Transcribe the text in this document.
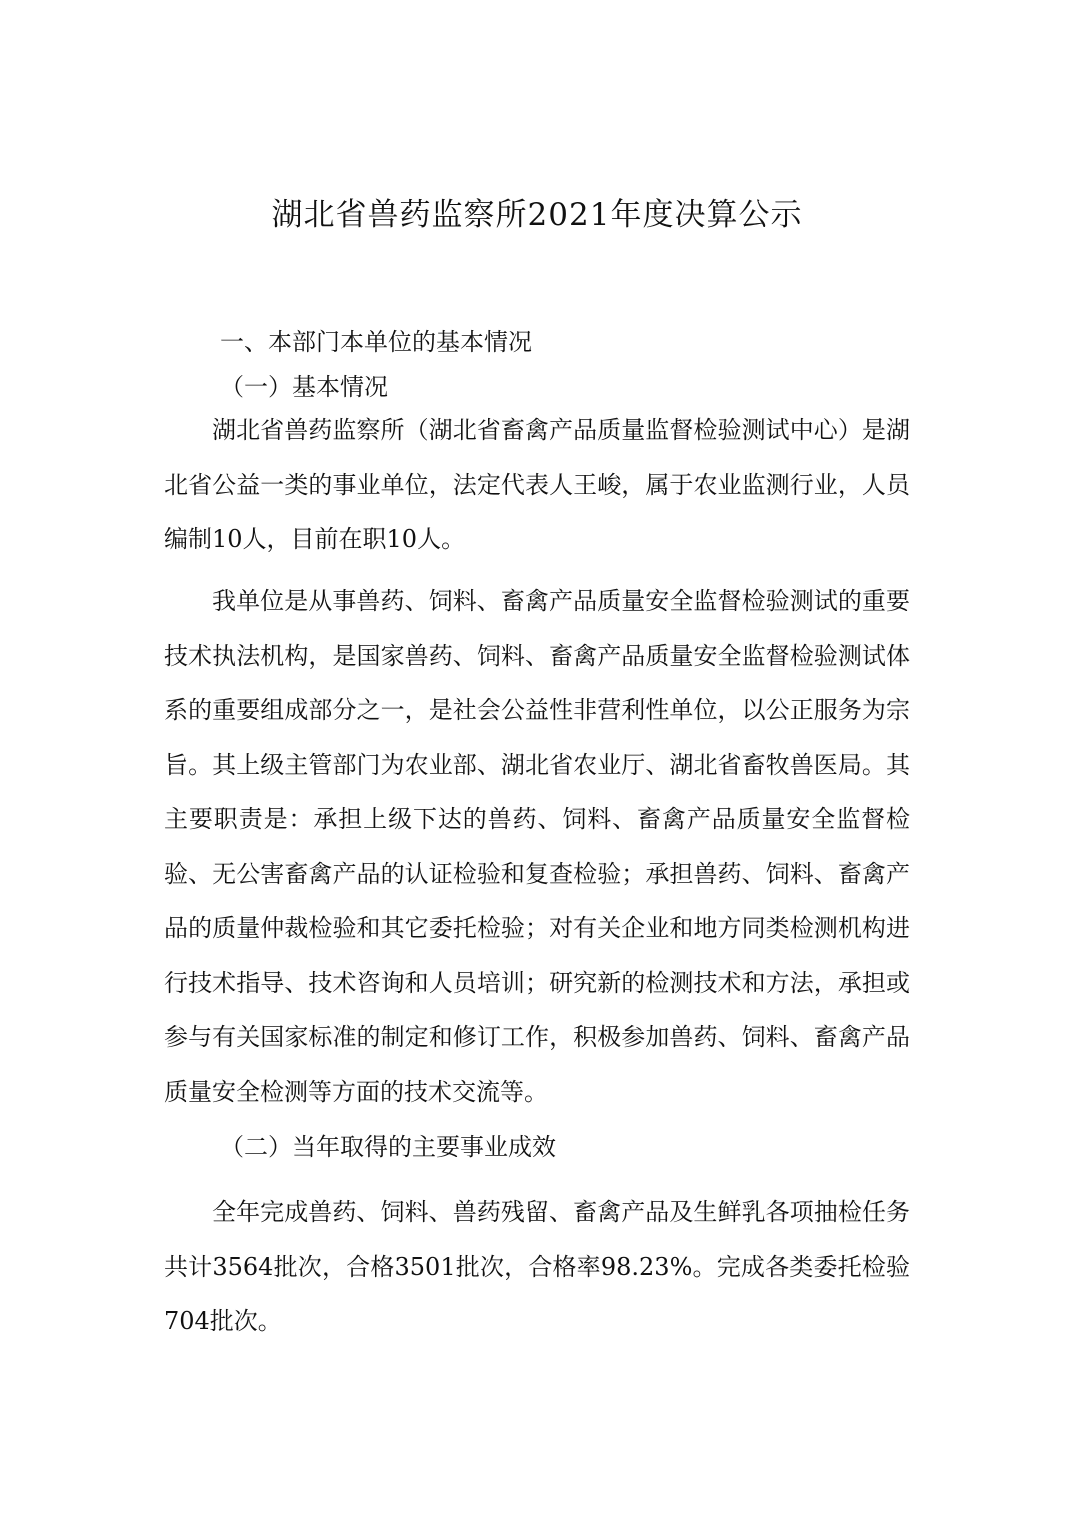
湖北省兽药监察所2021年度决算公示
一、本部门本单位的基本情况
（一）基本情况

湖北省兽药监察所（湖北省畜禽产品质量监督检验测试中心）是湖北省公益一类的事业单位，法定代表人王峻，属于农业监测行业，人员编制10人，目前在职10人。

我单位是从事兽药、饲料、畜禽产品质量安全监督检验测试的重要技术执法机构，是国家兽药、饲料、畜禽产品质量安全监督检验测试体系的重要组成部分之一，是社会公益性非营利性单位，以公正服务为宗旨。其上级主管部门为农业部、湖北省农业厅、湖北省畜牧兽医局。其主要职责是：承担上级下达的兽药、饲料、畜禽产品质量安全监督检验、无公害畜禽产品的认证检验和复查检验；承担兽药、饲料、畜禽产品的质量仲裁检验和其它委托检验；对有关企业和地方同类检测机构进行技术指导、技术咨询和人员培训；研究新的检测技术和方法，承担或参与有关国家标准的制定和修订工作，积极参加兽药、饲料、畜禽产品质量安全检测等方面的技术交流等。

（二）当年取得的主要事业成效

全年完成兽药、饲料、兽药残留、畜禽产品及生鲜乳各项抽检任务共计3564批次，合格3501批次，合格率98.23%。完成各类委托检验704批次。
